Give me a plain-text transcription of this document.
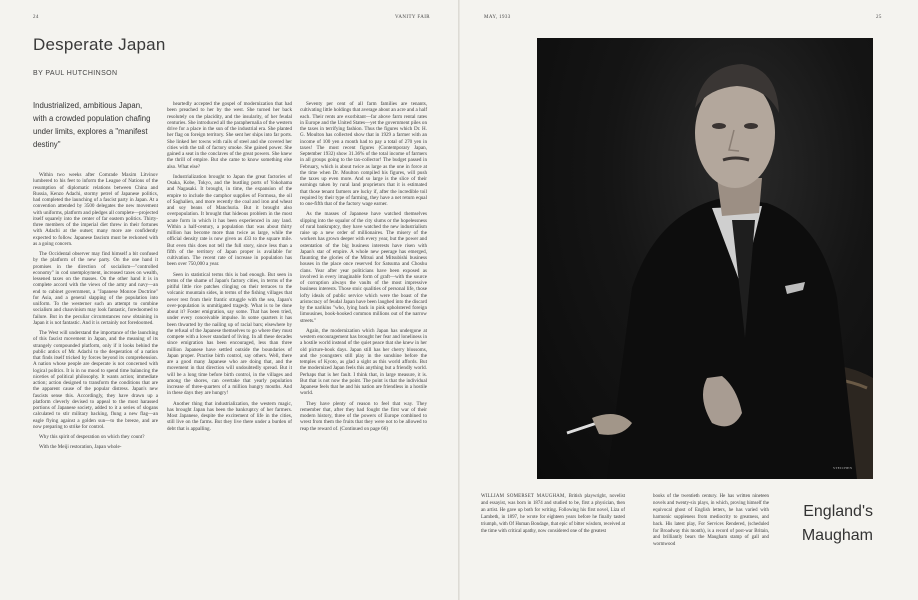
24	VANITY FAIR
Desperate Japan
BY PAUL HUTCHINSON
Industrialized, ambitious Japan, with a crowded population chafing under limits, explores a "manifest destiny"

Within two weeks after Comrade Maxim Litvinov lumbered to his feet to inform the League of Nations of the resumption of diplomatic relations between China and Russia, Kenzo Adachi, stormy petrel of Japanese politics, had completed the launching of a fascist party in Japan. At a convention attended by 3500 delegates the new movement with uniforms, platform and pledges all complete—projected itself squarely into the center of far eastern politics. Thirty-three members of the imperial diet threw in their fortunes with Adachi at the outset; many more are confidently expected to follow. Japanese fascism must be reckoned with as a going concern.

The Occidental observer may find himself a bit confused by the platform of the new party. On the one hand it promises in the direction of socialism—"controlled economy" in cod unemployment, increased taxes on wealth, lessened taxes on the masses. On the other hand it is in complete accord with the views of the army and navy—an end to cabinet government, a "Japanese Monroe Doctrine" for Asia, and a general slapping of the population into uniform. To the westerner such an attempt to combine socialism and chauvinism may look fantastic, foredoomed to failure. But in the peculiar circumstances now obtaining in Japan it is not fantastic. And it is certainly not foredoomed.

The West will understand the importance of the launching of this fascist movement in Japan, and the meaning of its strangely compounded platform, only if it looks behind the public antics of Mr. Adachi to the desperation of a nation that finds itself tricked by forces beyond its comprehension. A nation whose people are desperate is not concerned with logical politics. It is in no mood to spend time balancing the niceties of political philosophy. It wants action; immediate action; action designed to transform the conditions that are the apparent cause of the popular distress. Japan's new fascists sense this. Accordingly, they have drawn up a platform cleverly devised to appeal to the most harassed portions of Japanese society, added to it a series of slogans calculated to stir military backing, flung a new flag—an eagle flying against a golden sun—to the breeze, and are now preparing to strike for control.

Why this spirit of desperation on which they count?

With the Meiji restoration, Japan whole-

heartedly accepted the gospel of modernization that had been preached to her by the west. She turned her back resolutely on the placidity, and the insularity, of her feudal centuries. She introduced all the paraphernalia of the western drive for a place in the sun of the industrial era. She planted her flag on foreign territory. She sent her ships into far ports. She linked her towns with rails of steel and she covered her cities with the tall of factory smoke. She gained power. She gained a seat in the conclaves of the great powers. She knew the thrill of empire. But she came to know something else also. What else?

Industrialization brought to Japan the great factories of Osaka, Kobe, Tokyo, and the bustling ports of Yokohama and Nagasaki. It brought, in time, the expansion of the empire to include the camphor supplies of Formosa, the oil of Saghalien, and more recently the coal and iron and wheat and soy beans of Manchuria. But it brought also overpopulation. It brought that hideous problem in the most acute form in which it has been experienced in any land. Within a half-century, a population that was about thirty million has become more than twice as large, while the official density rate is now given as 433 to the square mile. But even this does not tell the full story, since less than a fifth of the territory of Japan proper is available for cultivation. The recent rate of increase in population has been over 750,000 a year.

Seen in statistical terms this is bad enough. But seen in terms of the shame of Japan's factory cities, in terms of the pitiful little rice patches clinging on their terraces to the volcanic mountain sides, in terms of the fishing villages that never rest from their frantic struggle with the sea, Japan's over-population is unmitigated tragedy. What is to be done about it? Foster emigration, say some. That has been tried, under every conceivable impulse. In some quarters it has been thwarted by the nailing up of racial bars; elsewhere by the refusal of the Japanese themselves to go where they must compete with a lower standard of living. In all these decades since emigration has been encouraged, less than three million Japanese have settled outside the boundaries of Japan proper. Practise birth control, say others. Well, there are a good many Japanese who are doing that, and the movement in that direction will undoubtedly spread. But it will be a long time before birth control, in the villages and among the shores, can overtake that yearly population increase of three-quarters of a million hungry mouths. And in these days they are hungry!

Another thing that industrialization, the western magic, has brought Japan has been the bankruptcy of her farmers. Most Japanese, despite the excitement of life in the cities, still live on the farms. But they live there under a burden of debt that is appalling.

Seventy per cent of all farm families are tenants, cultivating little holdings that average about an acre and a half each. Their rents are exorbitant—far above farm rental rates in Europe and the United States—yet the government piles on the taxes in terrifying fashion. Thus the figures which Dr. H. G. Moulton has collected show that in 1929 a farmer with an income of 100 yen a month had to pay a total of 270 yen in taxes! The most recent figures (Contemporary Japan, September 1932) show 31.36% of the total income of farmers in all groups going to the tax-collector! The budget passed in February, which is about twice as large as the one in force at the time when Dr. Moulton compiled his figures, will push the taxes up even more. And so large is the slice of their earnings taken by rural land proprietors that it is estimated that those tenant farmers are lucky if, after the incredible toil required by their type of farming, they have a net return equal to one-fifth that of the factory wage earner.

As the masses of Japanese have watched themselves slipping into the squalor of the city slums or the hopelessness of rural bankruptcy, they have watched the new industrialism raise up a new order of millionaires. The misery of the workers has grown deeper with every year, but the power and ostentation of the big business interests have risen with Japan's star of empire. A whole new peerage has emerged, flaunting the glories of the Mitsui and Mitsubishi business houses in the place once reserved for Satsuma and Choshu clans. Year after year politicians have been exposed as involved in every imaginable form of graft—with the source of corruption always the vaults of the most impressive business interests. Those stoic qualities of personal life, those lofty ideals of public service which were the boast of the aristocracy of feudal Japan have been laughed into the discard by the narikins "who, lying back in pink upholstered foreign limousines, book-hooked common millions out of the narrow streets."

Again, the modernization which Japan has undergone at western encouragement has brought her fear and loneliness in a hostile world instead of the quiet peace that she knew in her old picture-book days. Japan still has her cherry blossoms, and the youngsters still play in the sunshine before the temples of Kyoto, as glad a sight as this world affords. But the modernized Japan feels this anything but a friendly world. Perhaps that is her fault. I think that, in large measure, it is. But that is not now the point. The point is that the individual Japanese feels that he and his nation are friendless in a hostile world.

They have plenty of reason to feel that way. They remember that, after they had fought the first war of their modern history, three of the powers of Europe combined to wrest from them the fruits that they were not to be allowed to reap the reward of. (Continued on page 66)

MAY, 1933	25
STEICHEN
WILLIAM SOMERSET MAUGHAM, British playwright, novelist and essayist, was born in 1874 and studied to be, first a physician, then an artist. He gave up both for writing. Following his first novel, Liza of Lambeth, in 1897, he wrote for eighteen years before he finally tasted triumph, with Of Human Bondage, that epic of bitter wisdom, received at the time with critical apathy, now considered one of the greatest
books of the twentieth century. He has written nineteen novels and twenty-six plays, in which, proving himself the equivocal ghost of English letters, he has varied with harmonic suppleness from mediocrity to greatness, and back. His latest play, For Services Rendered, (scheduled for Broadway this month), is a record of post-war Britain, and brilliantly bears the Maugham stamp of gall and wormwood
England's
Maugham
